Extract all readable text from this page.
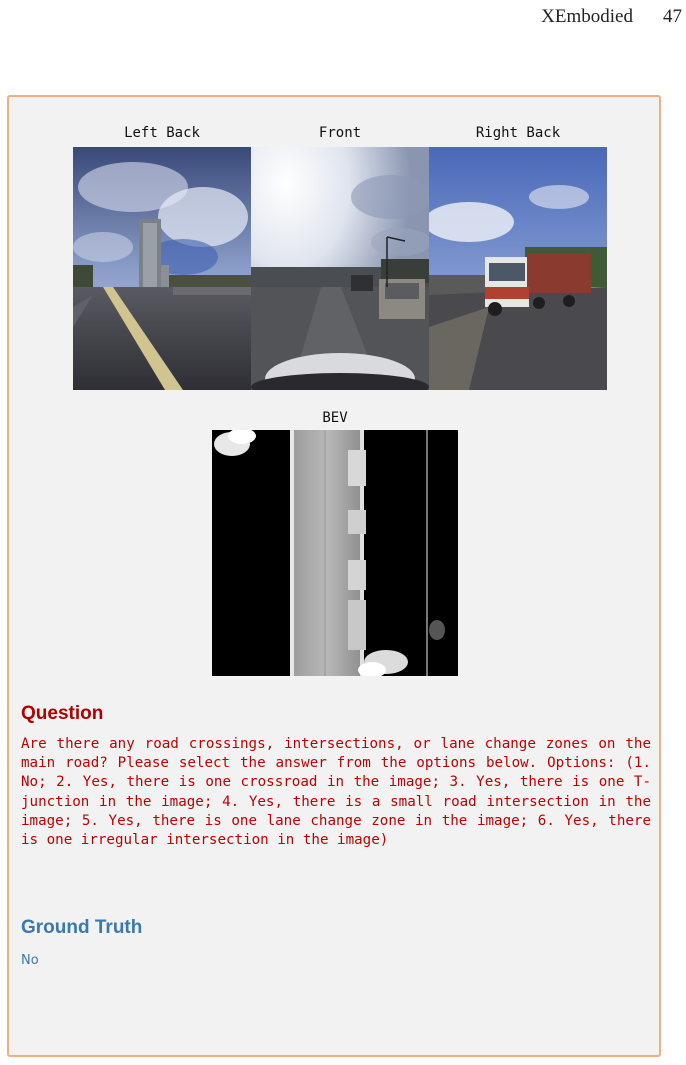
XEmbodied 47
Left Back	Front	Right Back
BEV
Question
Are there any road crossings, intersections, or lane change zones on the main road? Please select the answer from the options below. Options: (1. No; 2. Yes, there is one crossroad in the image; 3. Yes, there is one T-junction in the image; 4. Yes, there is a small road intersection in the image; 5. Yes, there is one lane change zone in the image; 6. Yes, there is one irregular intersection in the image)
Ground Truth
No
